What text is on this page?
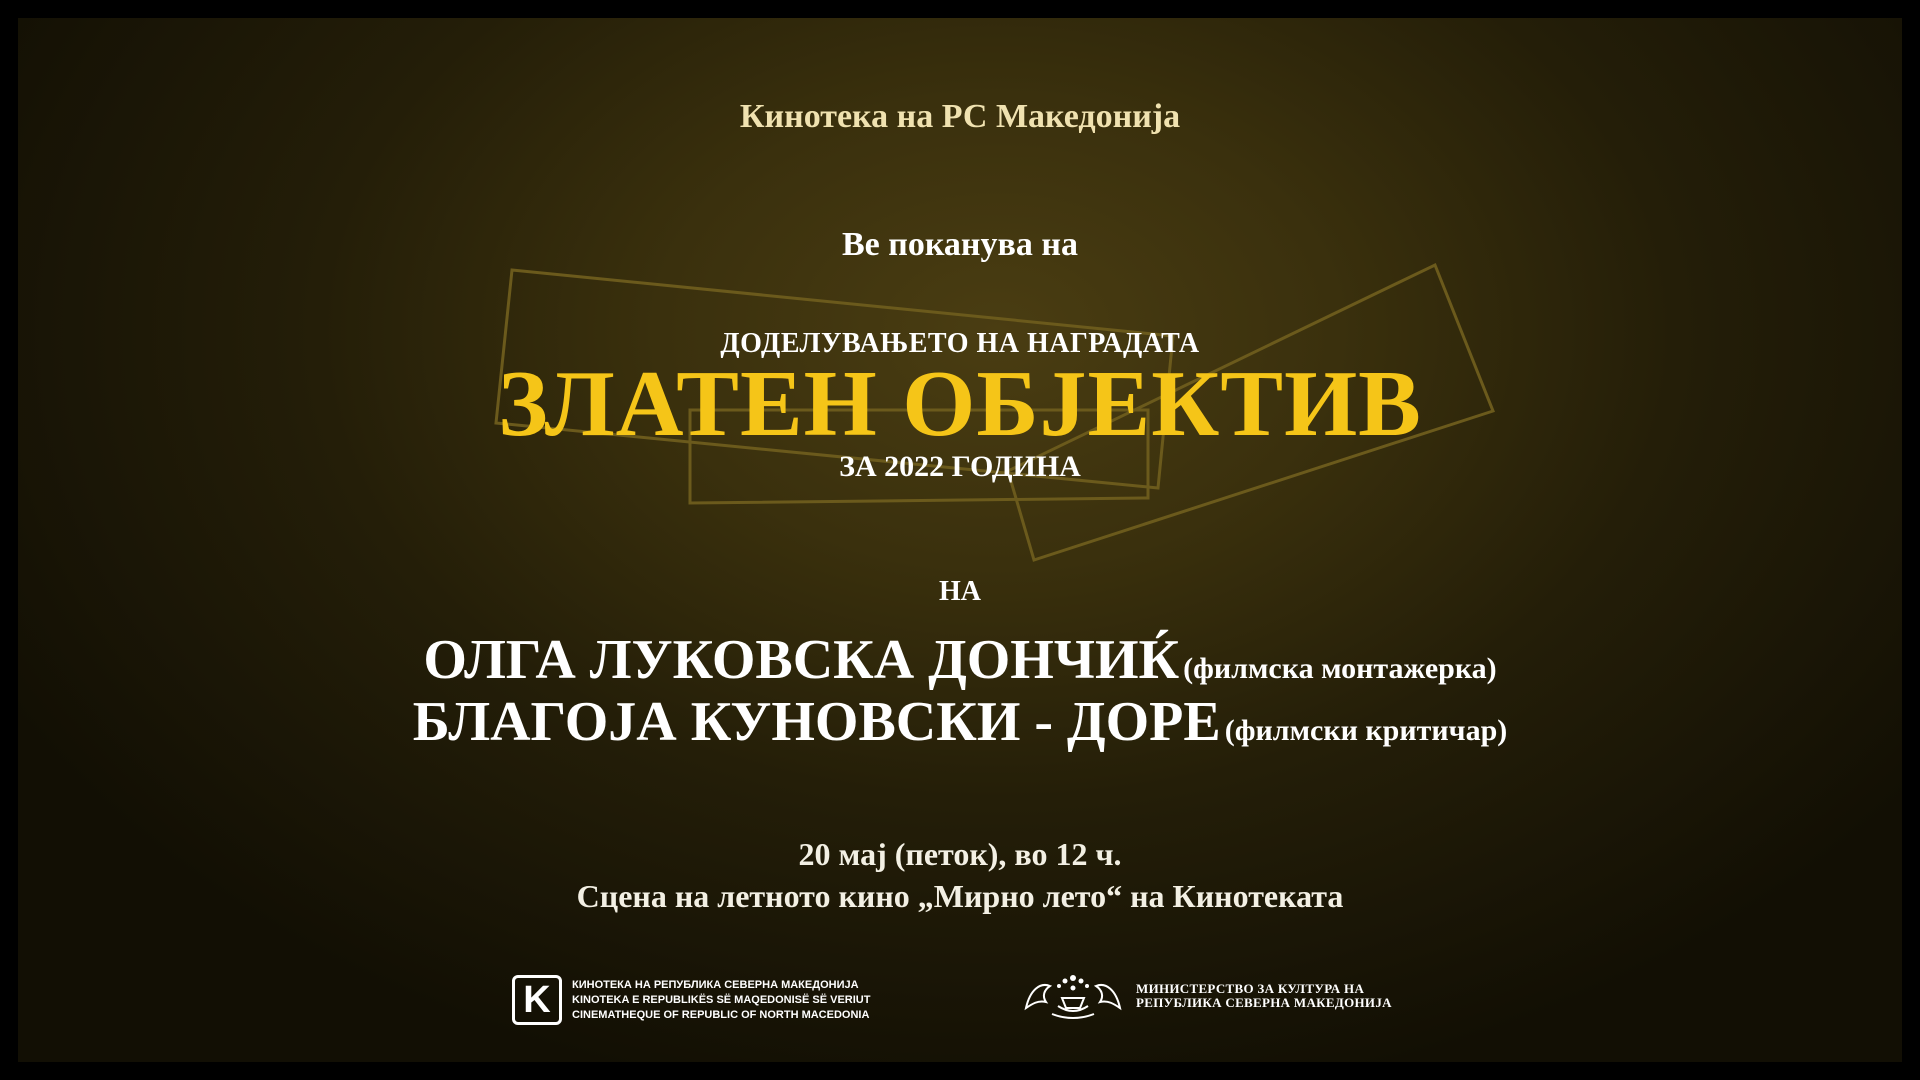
Кинотека на РС Македонија
Ве поканува на
ДОДЕЛУВАЊЕТО НА НАГРАДАТА
ЗЛАТЕН ОБЈЕКТИВ
ЗА 2022 ГОДИНА
НА
ОЛГА ЛУКОВСКА ДОНЧИЌ (филмска монтажерка)
БЛАГОЈА КУНОВСКИ - ДОРЕ (филмски критичар)
20 мај (петок), во 12 ч.
Сцена на летното кино „Мирно лето“ на Кинотеката
K	КИНОТЕКА НА РЕПУБЛИКА СЕВЕРНА МАКЕДОНИЈА
KINOTEKA E REPUBLIKËS SË MAQEDONISË SË VERIUT
CINEMATHEQUE OF REPUBLIC OF NORTH MACEDONIA
МИНИСТЕРСТВО ЗА КУЛТУРА НА
РЕПУБЛИКА СЕВЕРНА МАКЕДОНИЈА
